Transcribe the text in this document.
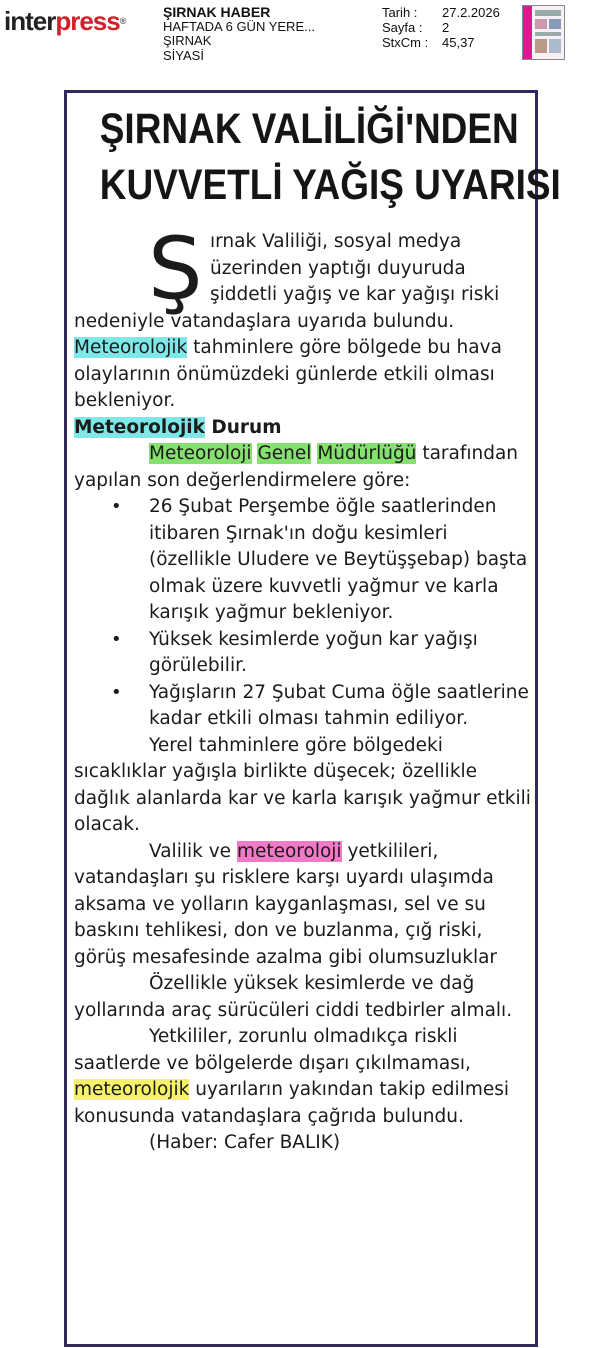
interpress®
ŞIRNAK HABER
HAFTADA 6 GÜN YERE...
ŞIRNAK
SİYASİ
Tarih :	27.2.2026
Sayfa :	2
StxCm :	45,37
ŞIRNAK VALİLİĞİ'NDEN
KUVVETLİ YAĞIŞ UYARISI
Ş ırnak Valiliği, sosyal medya üzerinden yaptığı duyuruda şiddetli yağış ve kar yağışı riski nedeniyle vatandaşlara uyarıda bulundu. Meteorolojik tahminlere göre bölgede bu hava olaylarının önümüzdeki günlerde etkili olması bekleniyor.

Meteorolojik Durum

Meteoroloji Genel Müdürlüğü tarafından yapılan son değerlendirmelere göre:

• 26 Şubat Perşembe öğle saatlerinden itibaren Şırnak'ın doğu kesimleri (özellikle Uludere ve Beytüşşebap) başta olmak üzere kuvvetli yağmur ve karla karışık yağmur bekleniyor.
• Yüksek kesimlerde yoğun kar yağışı görülebilir.
• Yağışların 27 Şubat Cuma öğle saatlerine kadar etkili olması tahmin ediliyor.

Yerel tahminlere göre bölgedeki sıcaklıklar yağışla birlikte düşecek; özellikle dağlık alanlarda kar ve karla karışık yağmur etkili olacak.

Valilik ve meteoroloji yetkilileri, vatandaşları şu risklere karşı uyardı ulaşımda aksama ve yolların kayganlaşması, sel ve su baskını tehlikesi, don ve buzlanma, çığ riski, görüş mesafesinde azalma gibi olumsuzluklar

Özellikle yüksek kesimlerde ve dağ yollarında araç sürücüleri ciddi tedbirler almalı.

Yetkililer, zorunlu olmadıkça riskli saatlerde ve bölgelerde dışarı çıkılmaması, meteorolojik uyarıların yakından takip edilmesi konusunda vatandaşlara çağrıda bulundu.

(Haber: Cafer BALIK)
